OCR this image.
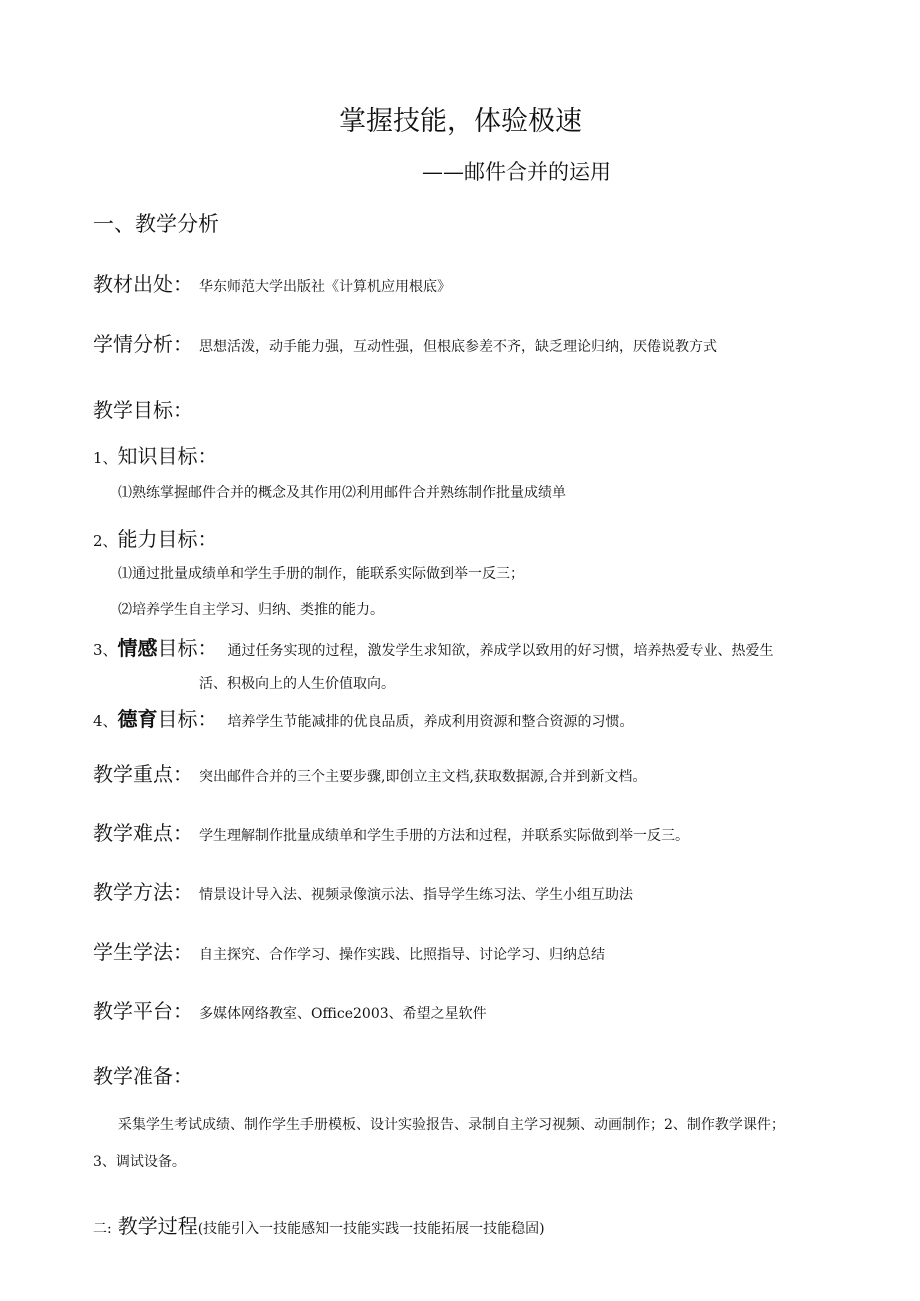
掌握技能，体验极速
——邮件合并的运用
一、教学分析
教材出处： 华东师范大学出版社《计算机应用根底》
学情分析： 思想活泼，动手能力强，互动性强，但根底参差不齐，缺乏理论归纳，厌倦说教方式
教学目标：
1、知识目标：
⑴熟练掌握邮件合并的概念及其作用⑵利用邮件合并熟练制作批量成绩单
2、能力目标：
⑴通过批量成绩单和学生手册的制作，能联系实际做到举一反三；
⑵培养学生自主学习、归纳、类推的能力。
3、情感目标： 通过任务实现的过程，激发学生求知欲，养成学以致用的好习惯，培养热爱专业、热爱生
活、积极向上的人生价值取向。
4、德育目标： 培养学生节能减排的优良品质，养成利用资源和整合资源的习惯。
教学重点： 突出邮件合并的三个主要步骤,即创立主文档,获取数据源,合并到新文档。
教学难点： 学生理解制作批量成绩单和学生手册的方法和过程，并联系实际做到举一反三。
教学方法： 情景设计导入法、视频录像演示法、指导学生练习法、学生小组互助法
学生学法： 自主探究、合作学习、操作实践、比照指导、讨论学习、归纳总结
教学平台： 多媒体网络教室、Office2003、希望之星软件
教学准备：
采集学生考试成绩、制作学生手册模板、设计实验报告、录制自主学习视频、动画制作；2、制作教学课件；
3、调试设备。
二: 教学过程(技能引入一技能感知一技能实践一技能拓展一技能稳固)
